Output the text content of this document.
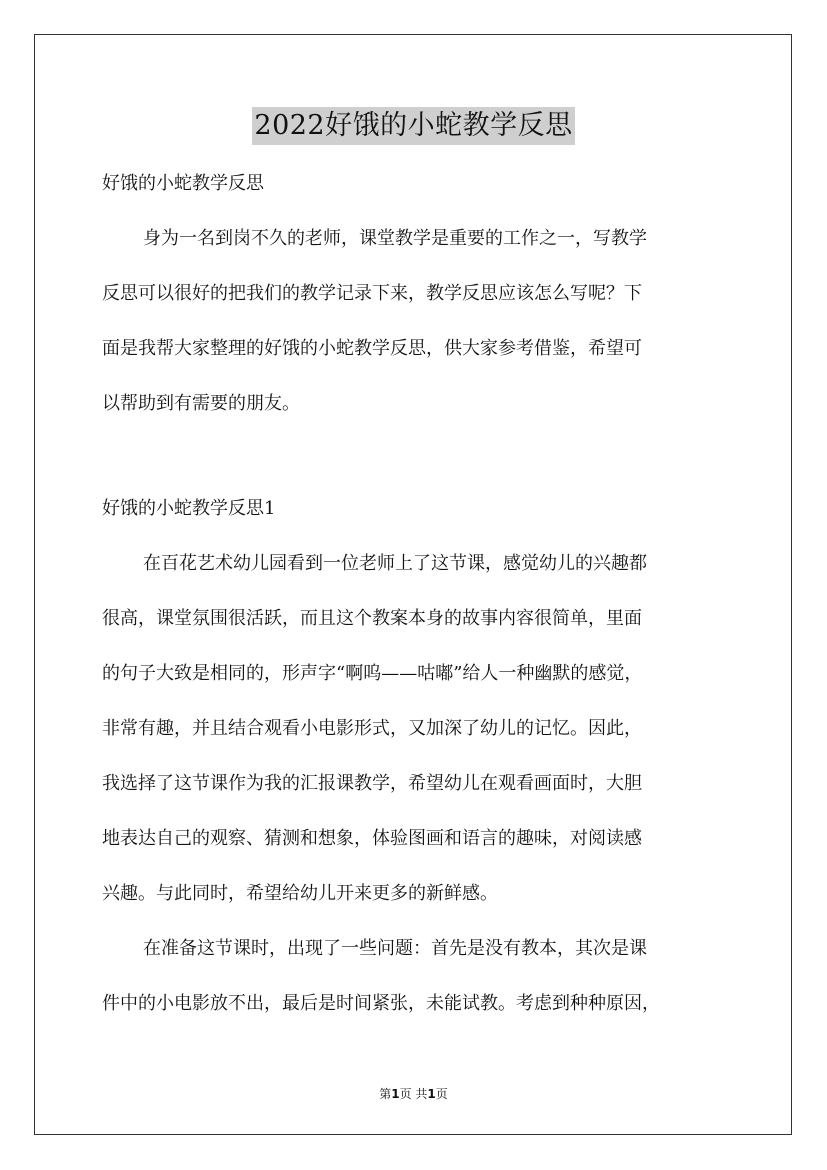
2022好饿的小蛇教学反思

好饿的小蛇教学反思

身为一名到岗不久的老师，课堂教学是重要的工作之一，写教学

反思可以很好的把我们的教学记录下来，教学反思应该怎么写呢？下

面是我帮大家整理的好饿的小蛇教学反思，供大家参考借鉴，希望可

以帮助到有需要的朋友。

好饿的小蛇教学反思1

在百花艺术幼儿园看到一位老师上了这节课，感觉幼儿的兴趣都

很高，课堂氛围很活跃，而且这个教案本身的故事内容很简单，里面

的句子大致是相同的，形声字“啊呜——咕嘟”给人一种幽默的感觉，

非常有趣，并且结合观看小电影形式，又加深了幼儿的记忆。因此，

我选择了这节课作为我的汇报课教学，希望幼儿在观看画面时，大胆

地表达自己的观察、猜测和想象，体验图画和语言的趣味，对阅读感

兴趣。与此同时，希望给幼儿开来更多的新鲜感。

在准备这节课时，出现了一些问题：首先是没有教本，其次是课

件中的小电影放不出，最后是时间紧张，未能试教。考虑到种种原因，

第1页 共1页
